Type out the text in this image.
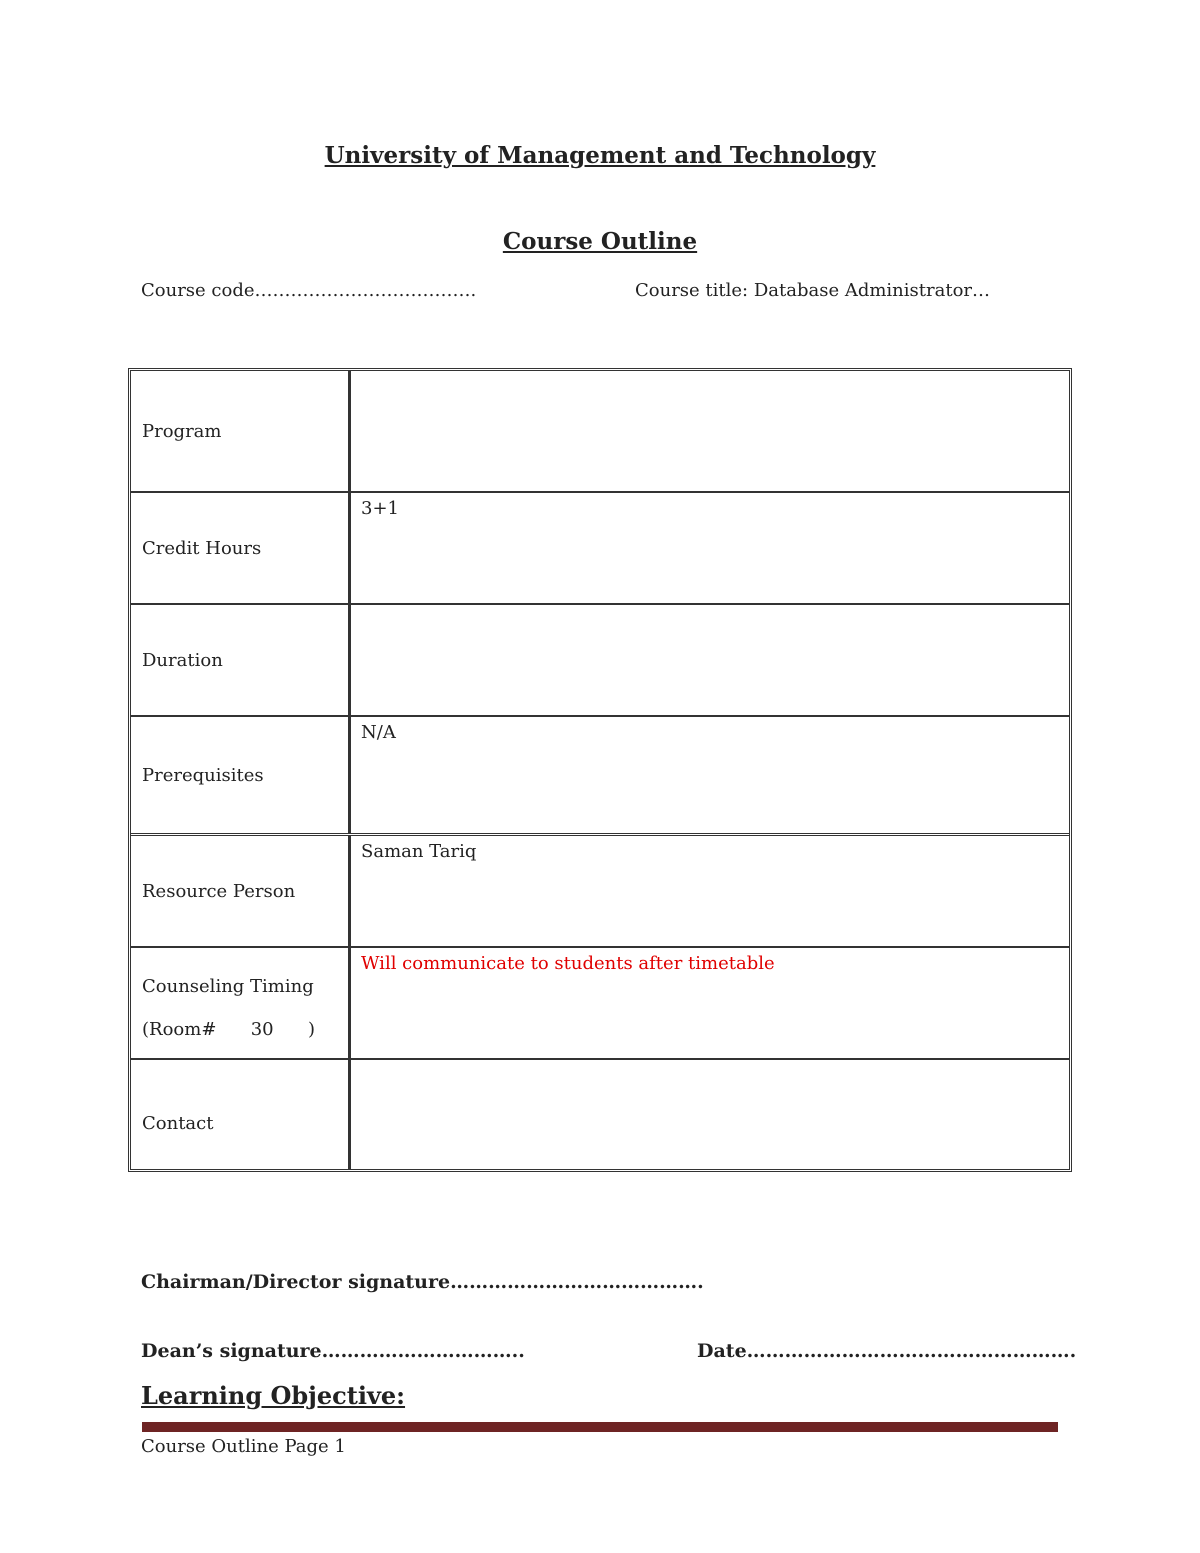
University of Management and Technology
Course Outline
Course code……………………………….	Course title: Database Administrator…
Program
Credit Hours
3+1
Duration
Prerequisites
N/A
Resource Person
Saman Tariq
Counseling Timing
(Room#      30      )
Will communicate to students after timetable
Contact
Chairman/Director signature………………………………….
Dean’s signature…………………………..	Date…………………………………………….
Learning Objective:
Course Outline Page 1
